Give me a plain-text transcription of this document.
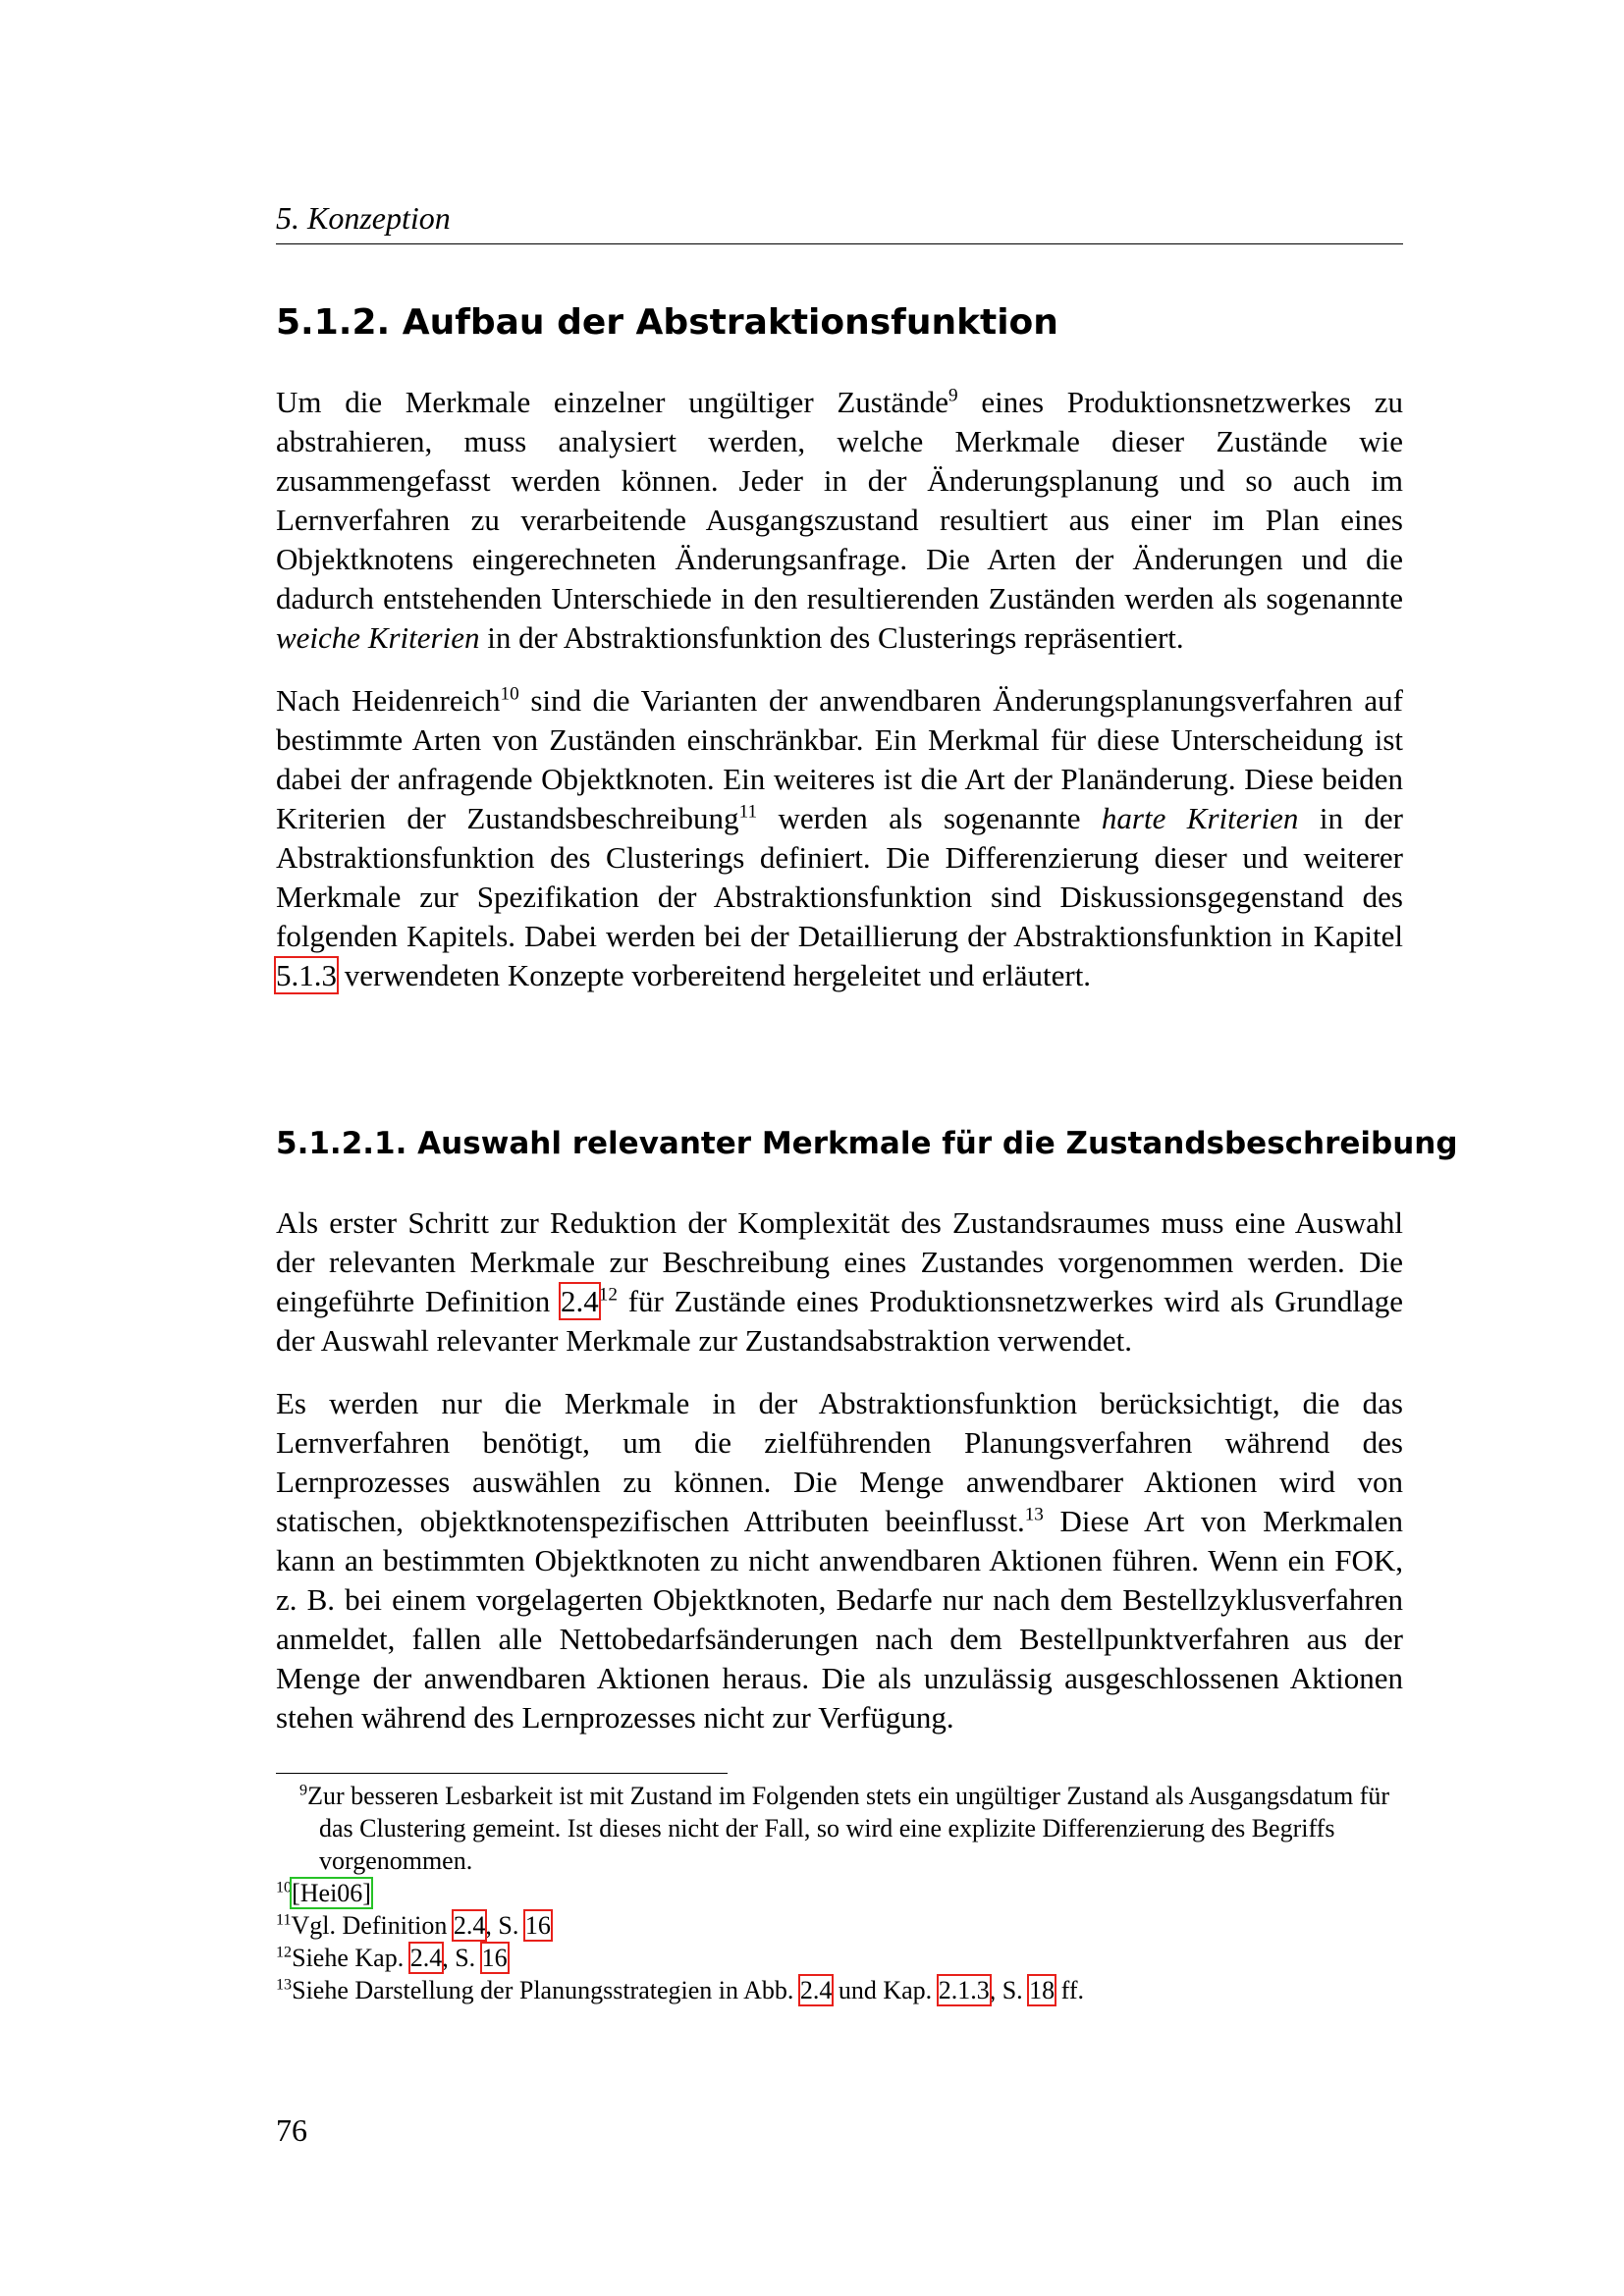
5. Konzeption
5.1.2. Aufbau der Abstraktionsfunktion

Um die Merkmale einzelner ungültiger Zustände$^9$ eines Produktionsnetzwerkes zu abstrahieren, muss analysiert werden, welche Merkmale dieser Zustände wie zusammengefasst werden können. Jeder in der Änderungsplanung und so auch im Lernverfahren zu verarbeitende Ausgangszustand resultiert aus einer im Plan eines Objektknotens eingerechneten Änderungsanfrage. Die Arten der Änderungen und die dadurch entstehenden Unterschiede in den resultierenden Zuständen werden als sogenannte weiche Kriterien in der Abstraktionsfunktion des Clusterings repräsentiert.

Nach Heidenreich$^{10}$ sind die Varianten der anwendbaren Änderungsplanungsverfahren auf bestimmte Arten von Zuständen einschränkbar. Ein Merkmal für diese Unterscheidung ist dabei der anfragende Objektknoten. Ein weiteres ist die Art der Planänderung. Diese beiden Kriterien der Zustandsbeschreibung$^{11}$ werden als sogenannte harte Kriterien in der Abstraktionsfunktion des Clusterings definiert. Die Differenzierung dieser und weiterer Merkmale zur Spezifikation der Abstraktionsfunktion sind Diskussionsgegenstand des folgenden Kapitels. Dabei werden bei der Detaillierung der Abstraktionsfunktion in Kapitel 5.1.3 verwendeten Konzepte vorbereitend hergeleitet und erläutert.

5.1.2.1. Auswahl relevanter Merkmale für die Zustandsbeschreibung

Als erster Schritt zur Reduktion der Komplexität des Zustandsraumes muss eine Auswahl der relevanten Merkmale zur Beschreibung eines Zustandes vorgenommen werden. Die eingeführte Definition $2.4^{12}$ für Zustände eines Produktionsnetzwerkes wird als Grundlage der Auswahl relevanter Merkmale zur Zustandsabstraktion verwendet.

Es werden nur die Merkmale in der Abstraktionsfunktion berücksichtigt, die das Lernverfahren benötigt, um die zielführenden Planungsverfahren während des Lernprozesses auswählen zu können. Die Menge anwendbarer Aktionen wird von statischen, objektknotenspezifischen Attributen beeinflusst.$^{13}$ Diese Art von Merkmalen kann an bestimmten Objektknoten zu nicht anwendbaren Aktionen führen. Wenn ein FOK, z. B. bei einem vorgelagerten Objektknoten, Bedarfe nur nach dem Bestellzyklusverfahren anmeldet, fallen alle Nettobedarfsänderungen nach dem Bestellpunktverfahren aus der Menge der anwendbaren Aktionen heraus. Die als unzulässig ausgeschlossenen Aktionen stehen während des Lernprozesses nicht zur Verfügung.

$^9$Zur besseren Lesbarkeit ist mit Zustand im Folgenden stets ein ungültiger Zustand als Ausgangsdatum für das Clustering gemeint. Ist dieses nicht der Fall, so wird eine explizite Differenzierung des Begriffs vorgenommen.
$^{10}$[Hei06]
$^{11}$Vgl. Definition 2.4, S. 16
$^{12}$Siehe Kap. 2.4, S. 16
$^{13}$Siehe Darstellung der Planungsstrategien in Abb. 2.4 und Kap. 2.1.3, S. 18 ff.
76
